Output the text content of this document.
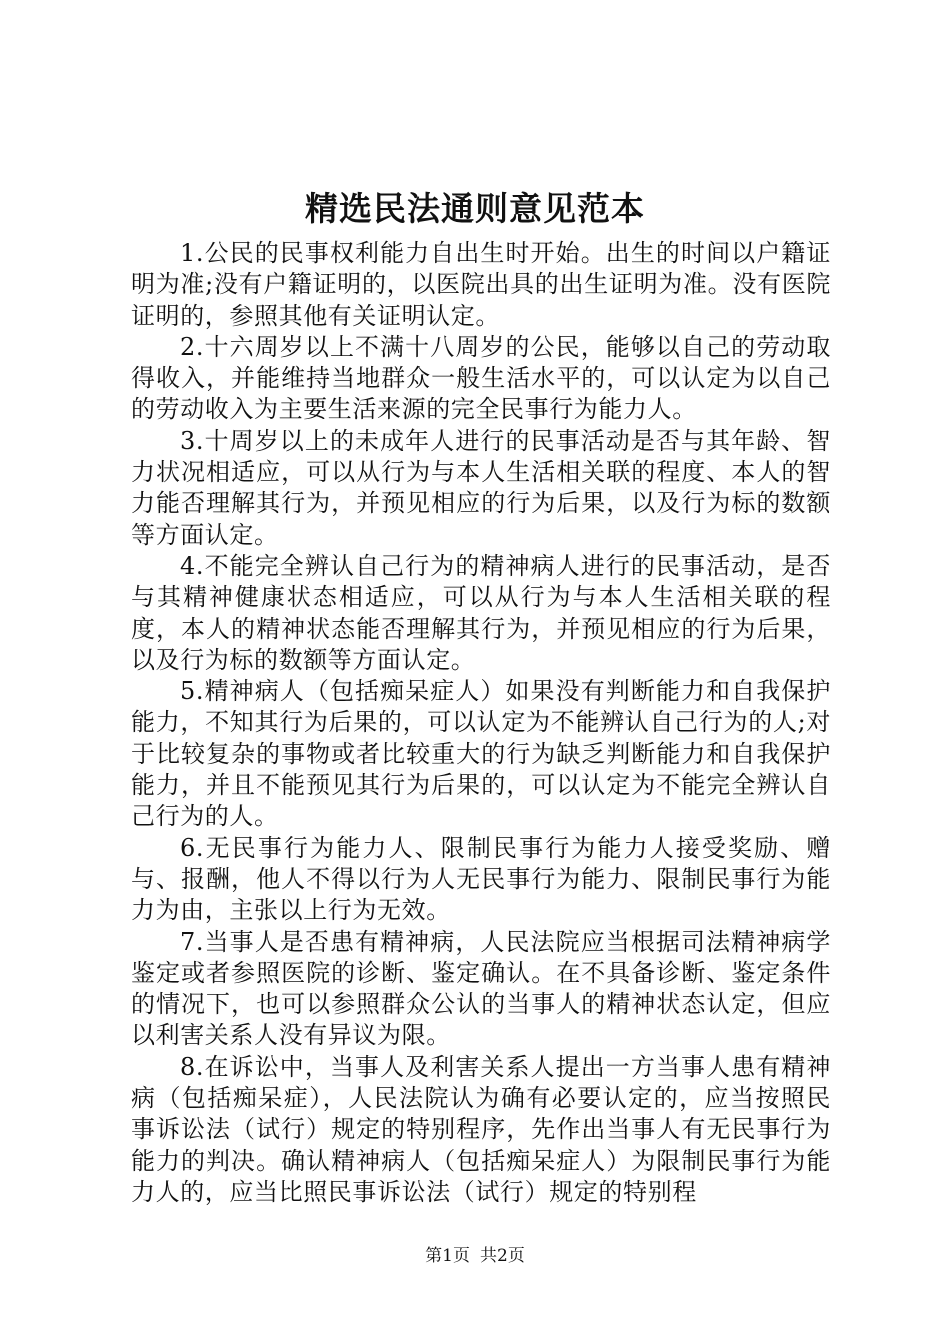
精选民法通则意见范本

1.公民的民事权利能力自出生时开始。出生的时间以户籍证明为准;没有户籍证明的，以医院出具的出生证明为准。没有医院证明的，参照其他有关证明认定。

2.十六周岁以上不满十八周岁的公民，能够以自己的劳动取得收入，并能维持当地群众一般生活水平的，可以认定为以自己的劳动收入为主要生活来源的完全民事行为能力人。

3.十周岁以上的未成年人进行的民事活动是否与其年龄、智力状况相适应，可以从行为与本人生活相关联的程度、本人的智力能否理解其行为，并预见相应的行为后果，以及行为标的数额等方面认定。

4.不能完全辨认自己行为的精神病人进行的民事活动，是否与其精神健康状态相适应，可以从行为与本人生活相关联的程度，本人的精神状态能否理解其行为，并预见相应的行为后果，以及行为标的数额等方面认定。

5.精神病人（包括痴呆症人）如果没有判断能力和自我保护能力，不知其行为后果的，可以认定为不能辨认自己行为的人;对于比较复杂的事物或者比较重大的行为缺乏判断能力和自我保护能力，并且不能预见其行为后果的，可以认定为不能完全辨认自己行为的人。

6.无民事行为能力人、限制民事行为能力人接受奖励、赠与、报酬，他人不得以行为人无民事行为能力、限制民事行为能力为由，主张以上行为无效。

7.当事人是否患有精神病，人民法院应当根据司法精神病学鉴定或者参照医院的诊断、鉴定确认。在不具备诊断、鉴定条件的情况下，也可以参照群众公认的当事人的精神状态认定，但应以利害关系人没有异议为限。

8.在诉讼中，当事人及利害关系人提出一方当事人患有精神病（包括痴呆症），人民法院认为确有必要认定的，应当按照民事诉讼法（试行）规定的特别程序，先作出当事人有无民事行为能力的判决。确认精神病人（包括痴呆症人）为限制民事行为能力人的，应当比照民事诉讼法（试行）规定的特别程

第1页 共2页
